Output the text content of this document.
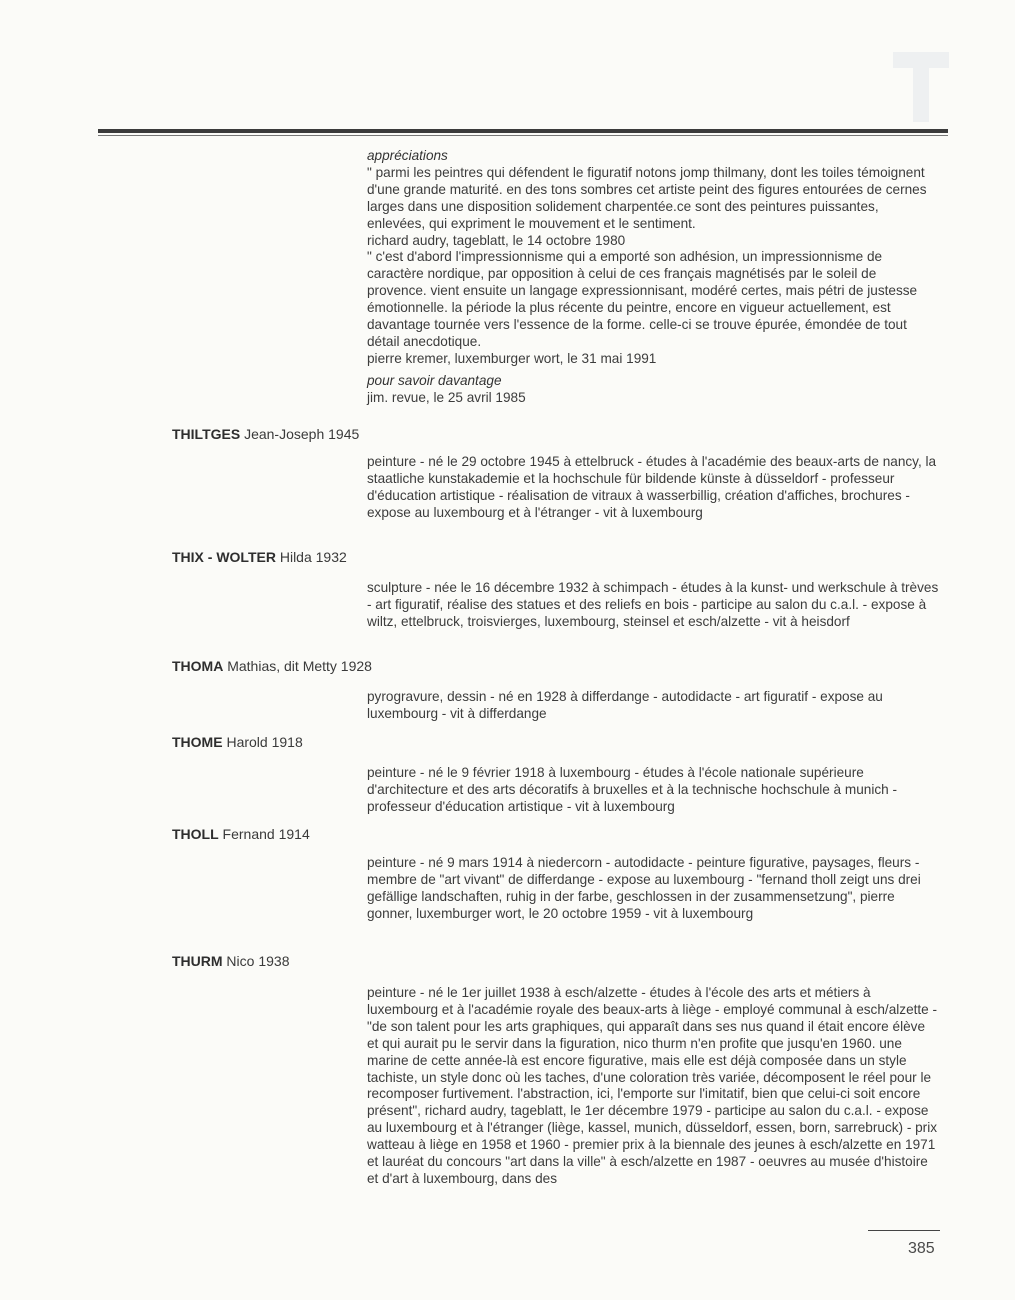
appréciations

" parmi les peintres qui défendent le figuratif notons jomp thilmany, dont les toiles témoignent d'une grande maturité. en des tons sombres cet artiste peint des figures entourées de cernes larges dans une disposition solidement charpentée.ce sont des peintures puissantes, enlevées, qui expriment le mouvement et le sentiment.

richard audry, tageblatt, le 14 octobre 1980

" c'est d'abord l'impressionnisme qui a emporté son adhésion, un impressionnisme de caractère nordique, par opposition à celui de ces français magnétisés par le soleil de provence. vient ensuite un langage expressionnisant, modéré certes, mais pétri de justesse émotionnelle. la période la plus récente du peintre, encore en vigueur actuellement, est davantage tournée vers l'essence de la forme. celle-ci se trouve épurée, émondée de tout détail anecdotique.

pierre kremer, luxemburger wort, le 31 mai 1991

pour savoir davantage

jim. revue, le 25 avril 1985

THILTGES Jean-Joseph 1945
peinture - né le 29 octobre 1945 à ettelbruck - études à l'académie des beaux-arts de nancy, la staatliche kunstakademie et la hochschule für bildende künste à düsseldorf - professeur d'éducation artistique - réalisation de vitraux à wasserbillig, création d'affiches, brochures - expose au luxembourg et à l'étranger - vit à luxembourg
THIX - WOLTER Hilda 1932
sculpture - née le 16 décembre 1932 à schimpach - études à la kunst- und werkschule à trèves - art figuratif, réalise des statues et des reliefs en bois - participe au salon du c.a.l. - expose à wiltz, ettelbruck, troisvierges, luxembourg, steinsel et esch/alzette - vit à heisdorf
THOMA Mathias, dit Metty 1928
pyrogravure, dessin - né en 1928 à differdange - autodidacte - art figuratif - expose au luxembourg - vit à differdange
THOME Harold 1918
peinture - né le 9 février 1918 à luxembourg - études à l'école nationale supérieure d'architecture et des arts décoratifs à bruxelles et à la technische hochschule à munich - professeur d'éducation artistique - vit à luxembourg
THOLL Fernand 1914
peinture - né 9 mars 1914 à niedercorn - autodidacte - peinture figurative, paysages, fleurs - membre de "art vivant" de differdange - expose au luxembourg - "fernand tholl zeigt uns drei gefällige landschaften, ruhig in der farbe, geschlossen in der zusammensetzung", pierre gonner, luxemburger wort, le 20 octobre 1959 - vit à luxembourg
THURM Nico 1938
peinture - né le 1er juillet 1938 à esch/alzette - études à l'école des arts et métiers à luxembourg et à l'académie royale des beaux-arts à liège - employé communal à esch/alzette - "de son talent pour les arts graphiques, qui apparaît dans ses nus quand il était encore élève et qui aurait pu le servir dans la figuration, nico thurm n'en profite que jusqu'en 1960. une marine de cette année-là est encore figurative, mais elle est déjà composée dans un style tachiste, un style donc où les taches, d'une coloration très variée, décomposent le réel pour le recomposer furtivement. l'abstraction, ici, l'emporte sur l'imitatif, bien que celui-ci soit encore présent", richard audry, tageblatt, le 1er décembre 1979 - participe au salon du c.a.l. - expose au luxembourg et à l'étranger (liège, kassel, munich, düsseldorf, essen, born, sarrebruck) - prix watteau à liège en 1958 et 1960 - premier prix à la biennale des jeunes à esch/alzette en 1971 et lauréat du concours "art dans la ville" à esch/alzette en 1987 - oeuvres au musée d'histoire et d'art à luxembourg, dans des
385
